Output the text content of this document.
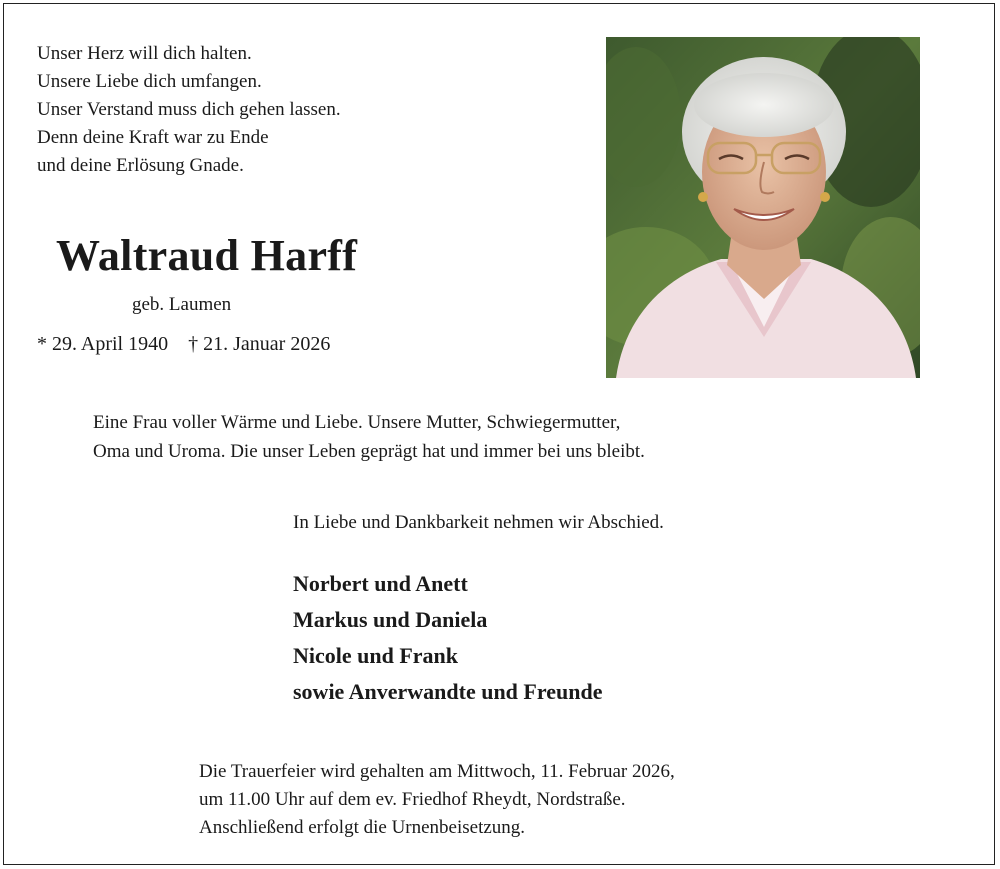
Unser Herz will dich halten.
Unsere Liebe dich umfangen.
Unser Verstand muss dich gehen lassen.
Denn deine Kraft war zu Ende
und deine Erlösung Gnade.
Waltraud Harff
geb. Laumen
* 29. April 1940 † 21. Januar 2026
Eine Frau voller Wärme und Liebe. Unsere Mutter, Schwiegermutter,
Oma und Uroma. Die unser Leben geprägt hat und immer bei uns bleibt.
In Liebe und Dankbarkeit nehmen wir Abschied.
Norbert und Anett
Markus und Daniela
Nicole und Frank
sowie Anverwandte und Freunde
Die Trauerfeier wird gehalten am Mittwoch, 11. Februar 2026,
um 11.00 Uhr auf dem ev. Friedhof Rheydt, Nordstraße.
Anschließend erfolgt die Urnenbeisetzung.
